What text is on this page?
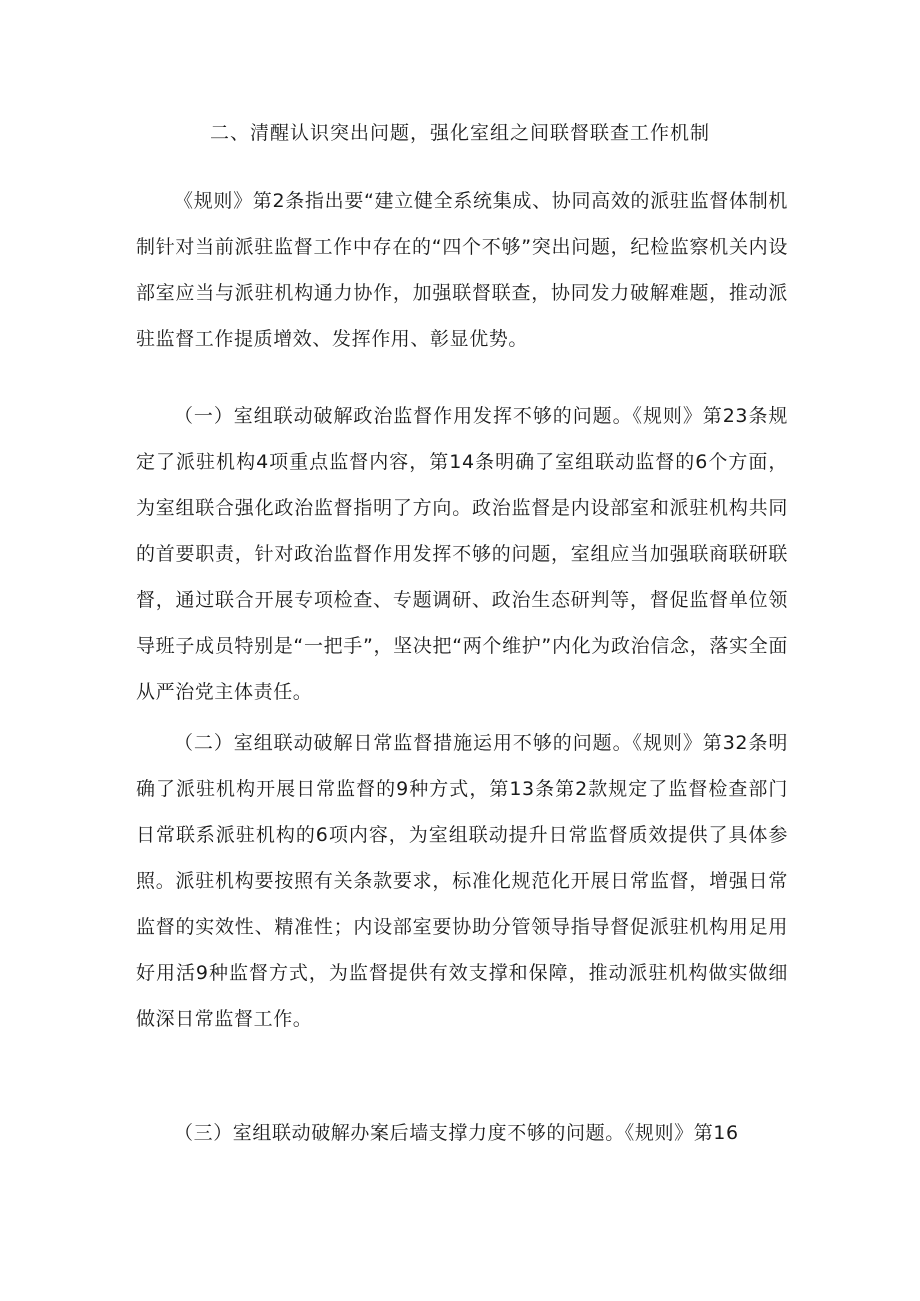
二、清醒认识突出问题，强化室组之间联督联查工作机制

《规则》第2条指出要“建立健全系统集成、协同高效的派驻监督体制机制针对当前派驻监督工作中存在的“四个不够”突出问题，纪检监察机关内设部室应当与派驻机构通力协作，加强联督联查，协同发力破解难题，推动派驻监督工作提质增效、发挥作用、彰显优势。

（一）室组联动破解政治监督作用发挥不够的问题。《规则》第23条规定了派驻机构4项重点监督内容，第14条明确了室组联动监督的6个方面，为室组联合强化政治监督指明了方向。政治监督是内设部室和派驻机构共同的首要职责，针对政治监督作用发挥不够的问题，室组应当加强联商联研联督，通过联合开展专项检查、专题调研、政治生态研判等，督促监督单位领导班子成员特别是“一把手”，坚决把“两个维护”内化为政治信念，落实全面从严治党主体责任。

（二）室组联动破解日常监督措施运用不够的问题。《规则》第32条明确了派驻机构开展日常监督的9种方式，第13条第2款规定了监督检查部门日常联系派驻机构的6项内容，为室组联动提升日常监督质效提供了具体参照。派驻机构要按照有关条款要求，标准化规范化开展日常监督，增强日常监督的实效性、精准性；内设部室要协助分管领导指导督促派驻机构用足用好用活9种监督方式，为监督提供有效支撑和保障，推动派驻机构做实做细做深日常监督工作。

（三）室组联动破解办案后墙支撑力度不够的问题。《规则》第16
